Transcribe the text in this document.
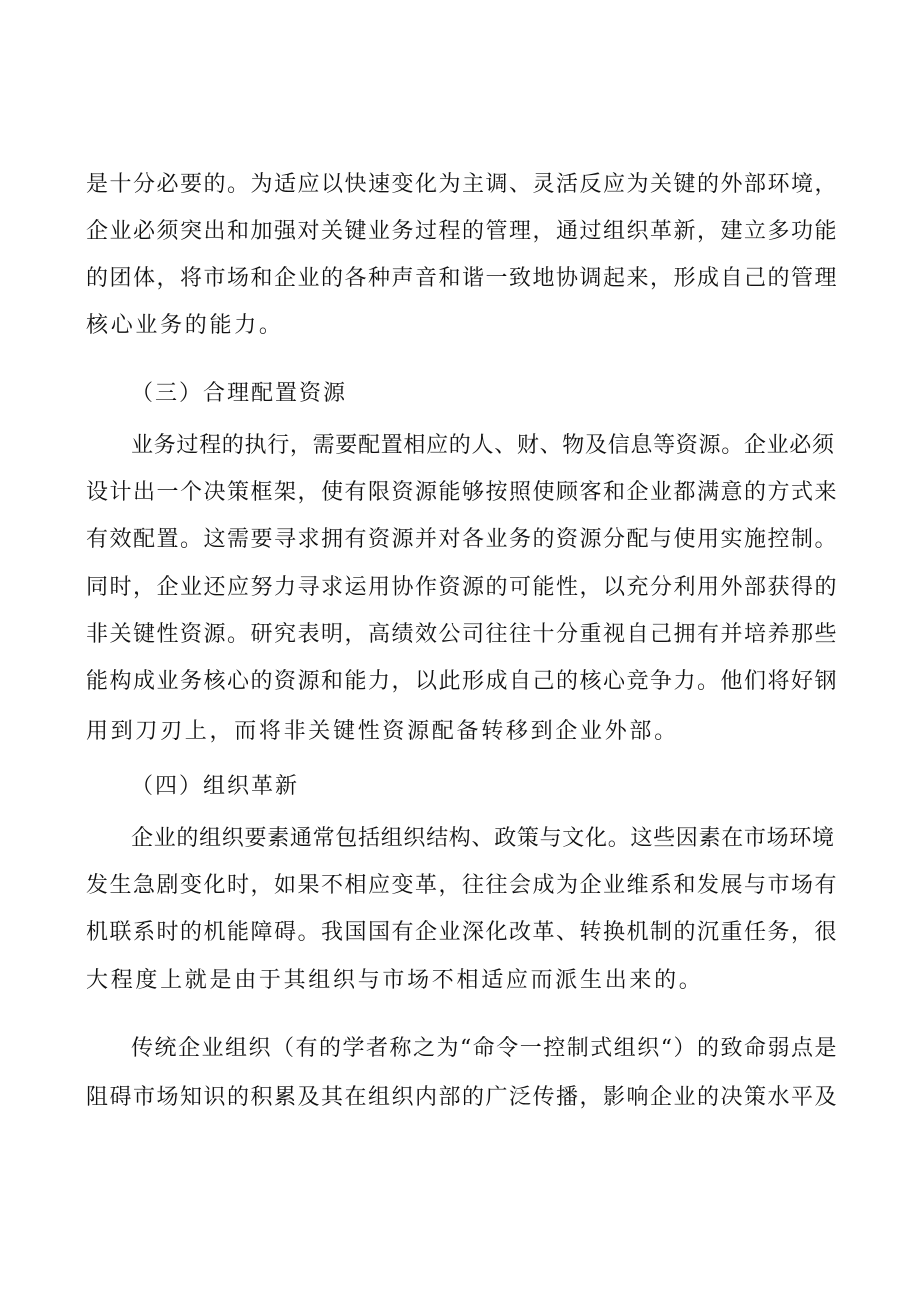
是十分必要的。为适应以快速变化为主调、灵活反应为关键的外部环境，
企业必须突出和加强对关键业务过程的管理，通过组织革新，建立多功能
的团体，将市场和企业的各种声音和谐一致地协调起来，形成自己的管理
核心业务的能力。
（三）合理配置资源
业务过程的执行，需要配置相应的人、财、物及信息等资源。企业必须
设计出一个决策框架，使有限资源能够按照使顾客和企业都满意的方式来
有效配置。这需要寻求拥有资源并对各业务的资源分配与使用实施控制。
同时，企业还应努力寻求运用协作资源的可能性，以充分利用外部获得的
非关键性资源。研究表明，高绩效公司往往十分重视自己拥有并培养那些
能构成业务核心的资源和能力，以此形成自己的核心竞争力。他们将好钢
用到刀刃上，而将非关键性资源配备转移到企业外部。
（四）组织革新
企业的组织要素通常包括组织结构、政策与文化。这些因素在市场环境
发生急剧变化时，如果不相应变革，往往会成为企业维系和发展与市场有
机联系时的机能障碍。我国国有企业深化改革、转换机制的沉重任务，很
大程度上就是由于其组织与市场不相适应而派生出来的。
传统企业组织（有的学者称之为“命令一控制式组织“）的致命弱点是
阻碍市场知识的积累及其在组织内部的广泛传播，影响企业的决策水平及
